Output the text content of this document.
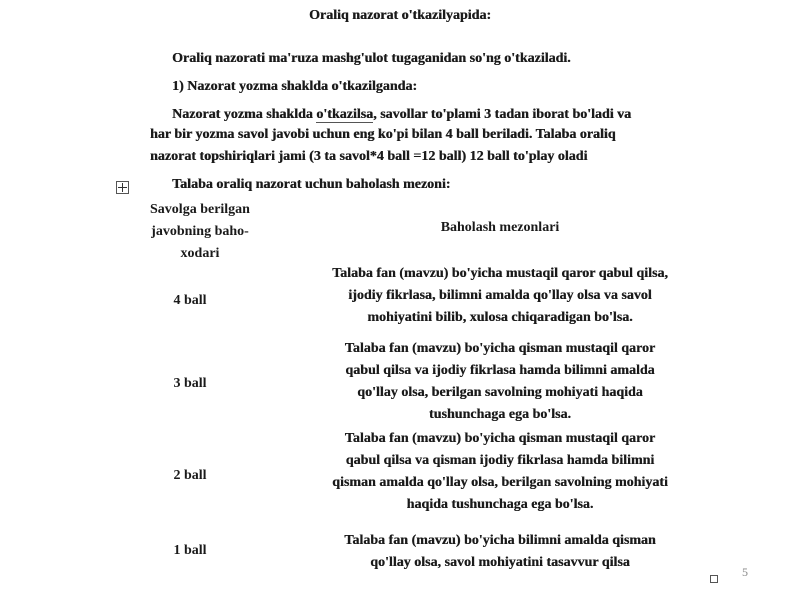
Oraliq nazorat o'tkazilyapida:
Oraliq nazorati ma'ruza mashg'ulot tugaganidan so'ng o'tkaziladi.
1) Nazorat yozma shaklda o'tkazilganda:
Nazorat yozma shaklda o'tkazilsa, savollar to'plami 3 tadan iborat bo'ladi va
har bir yozma savol javobi uchun eng ko'pi bilan 4 ball beriladi. Talaba oraliq
nazorat topshiriqlari jami (3 ta savol*4 ball =12 ball) 12 ball to'play oladi
Talaba oraliq nazorat uchun baholash mezoni:
Savolga berilgan
javobning baho-
xodari
Baholash mezonlari
4 ball
Talaba fan (mavzu) bo'yicha mustaqil qaror qabul qilsa,
ijodiy fikrlasa, bilimni amalda qo'llay olsa va savol
mohiyatini bilib, xulosa chiqaradigan bo'lsa.
3 ball
Talaba fan (mavzu) bo'yicha qisman mustaqil qaror
qabul qilsa va ijodiy fikrlasa hamda bilimni amalda
qo'llay olsa, berilgan savolning mohiyati haqida
tushunchaga ega bo'lsa.
2 ball
Talaba fan (mavzu) bo'yicha qisman mustaqil qaror
qabul qilsa va qisman ijodiy fikrlasa hamda bilimni
qisman amalda qo'llay olsa, berilgan savolning mohiyati
haqida tushunchaga ega bo'lsa.
1 ball
Talaba fan (mavzu) bo'yicha bilimni amalda qisman
qo'llay olsa, savol mohiyatini tasavvur qilsa
5
